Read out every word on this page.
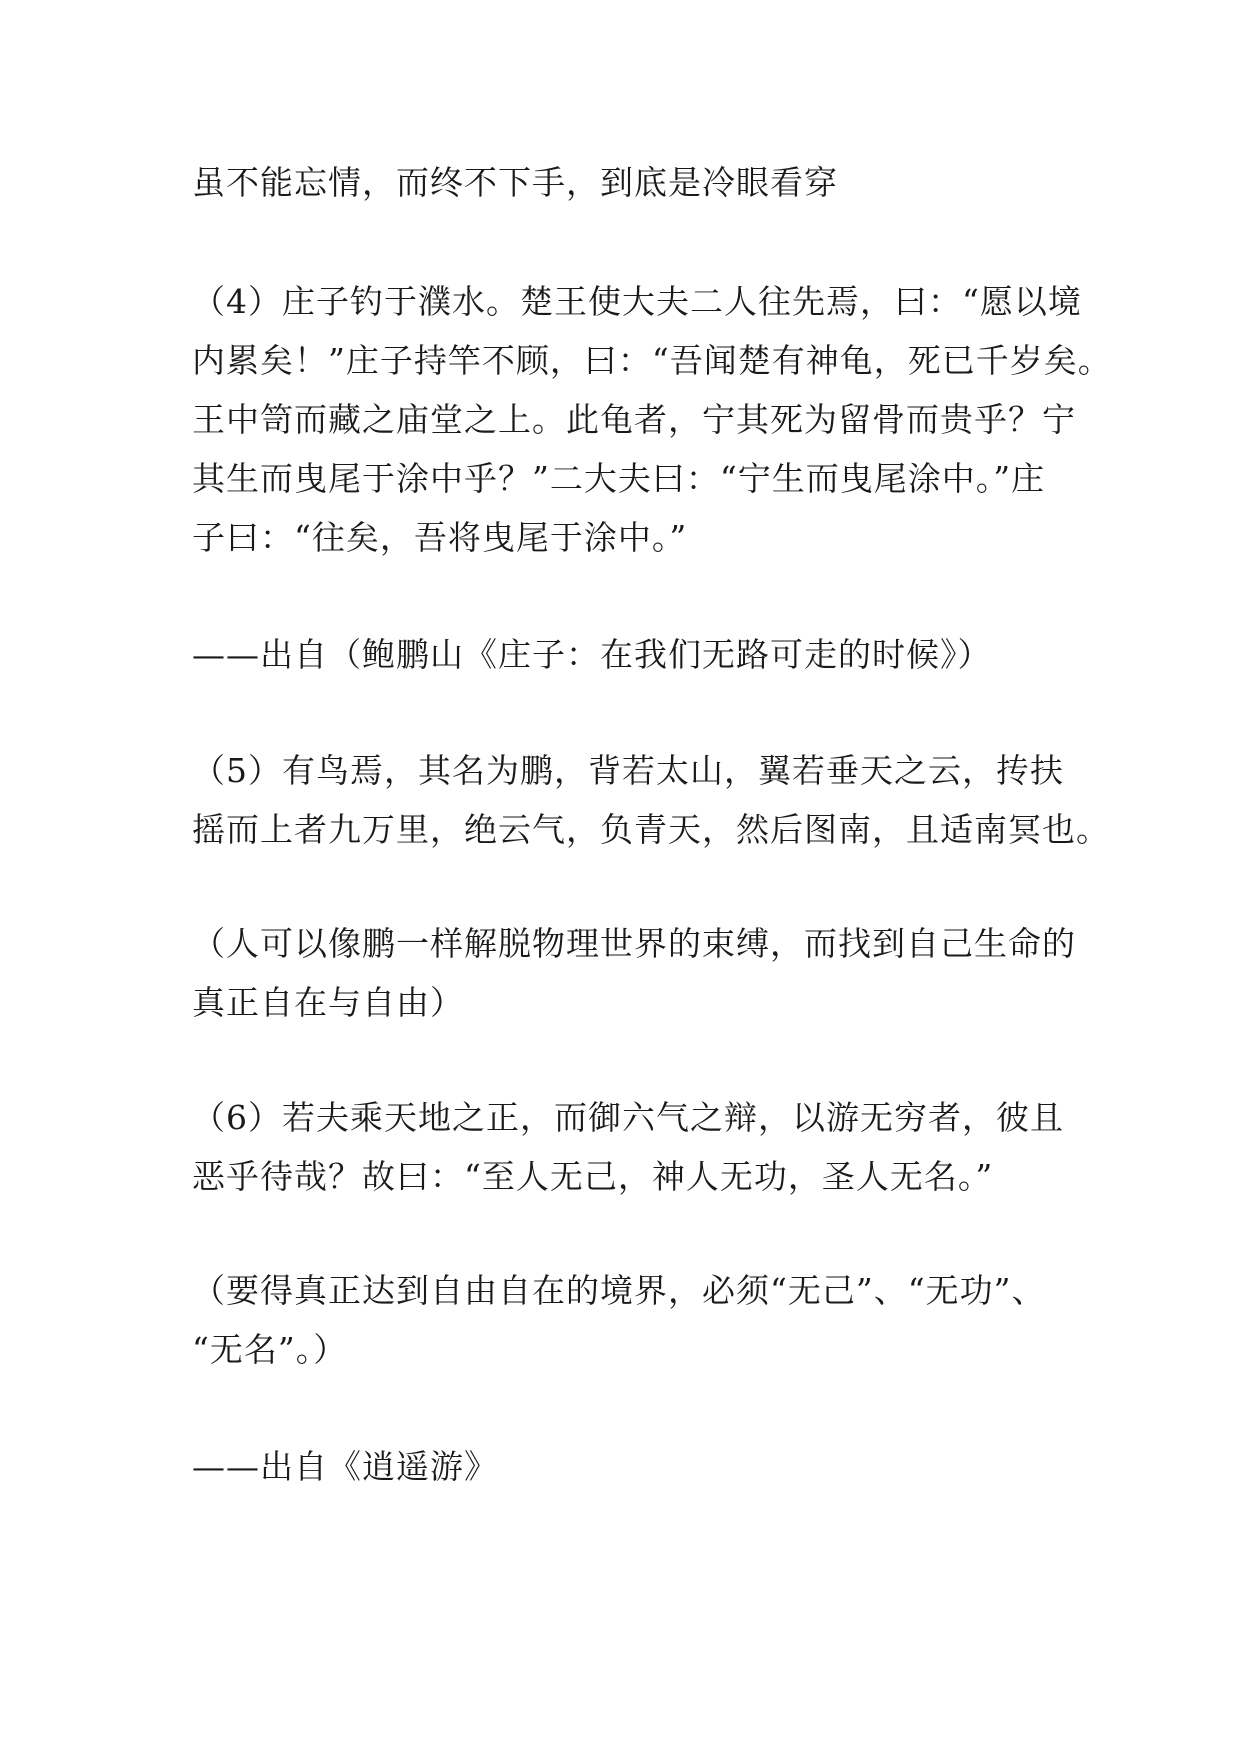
虽不能忘情，而终不下手，到底是冷眼看穿

（4）庄子钓于濮水。楚王使大夫二人往先焉，曰：“愿以境
内累矣！”庄子持竿不顾，曰：“吾闻楚有神龟，死已千岁矣。
王中笥而藏之庙堂之上。此龟者，宁其死为留骨而贵乎？宁
其生而曳尾于涂中乎？”二大夫曰：“宁生而曳尾涂中。”庄
子曰：“往矣，吾将曳尾于涂中。”

——出自（鲍鹏山《庄子：在我们无路可走的时候》）

（5）有鸟焉，其名为鹏，背若太山，翼若垂天之云，抟扶
摇而上者九万里，绝云气，负青天，然后图南，且适南冥也。

（人可以像鹏一样解脱物理世界的束缚，而找到自己生命的
真正自在与自由）

（6）若夫乘天地之正，而御六气之辩，以游无穷者，彼且
恶乎待哉？故曰：“至人无己，神人无功，圣人无名。”

（要得真正达到自由自在的境界，必须“无己”、“无功”、
“无名”。）

——出自《逍遥游》
